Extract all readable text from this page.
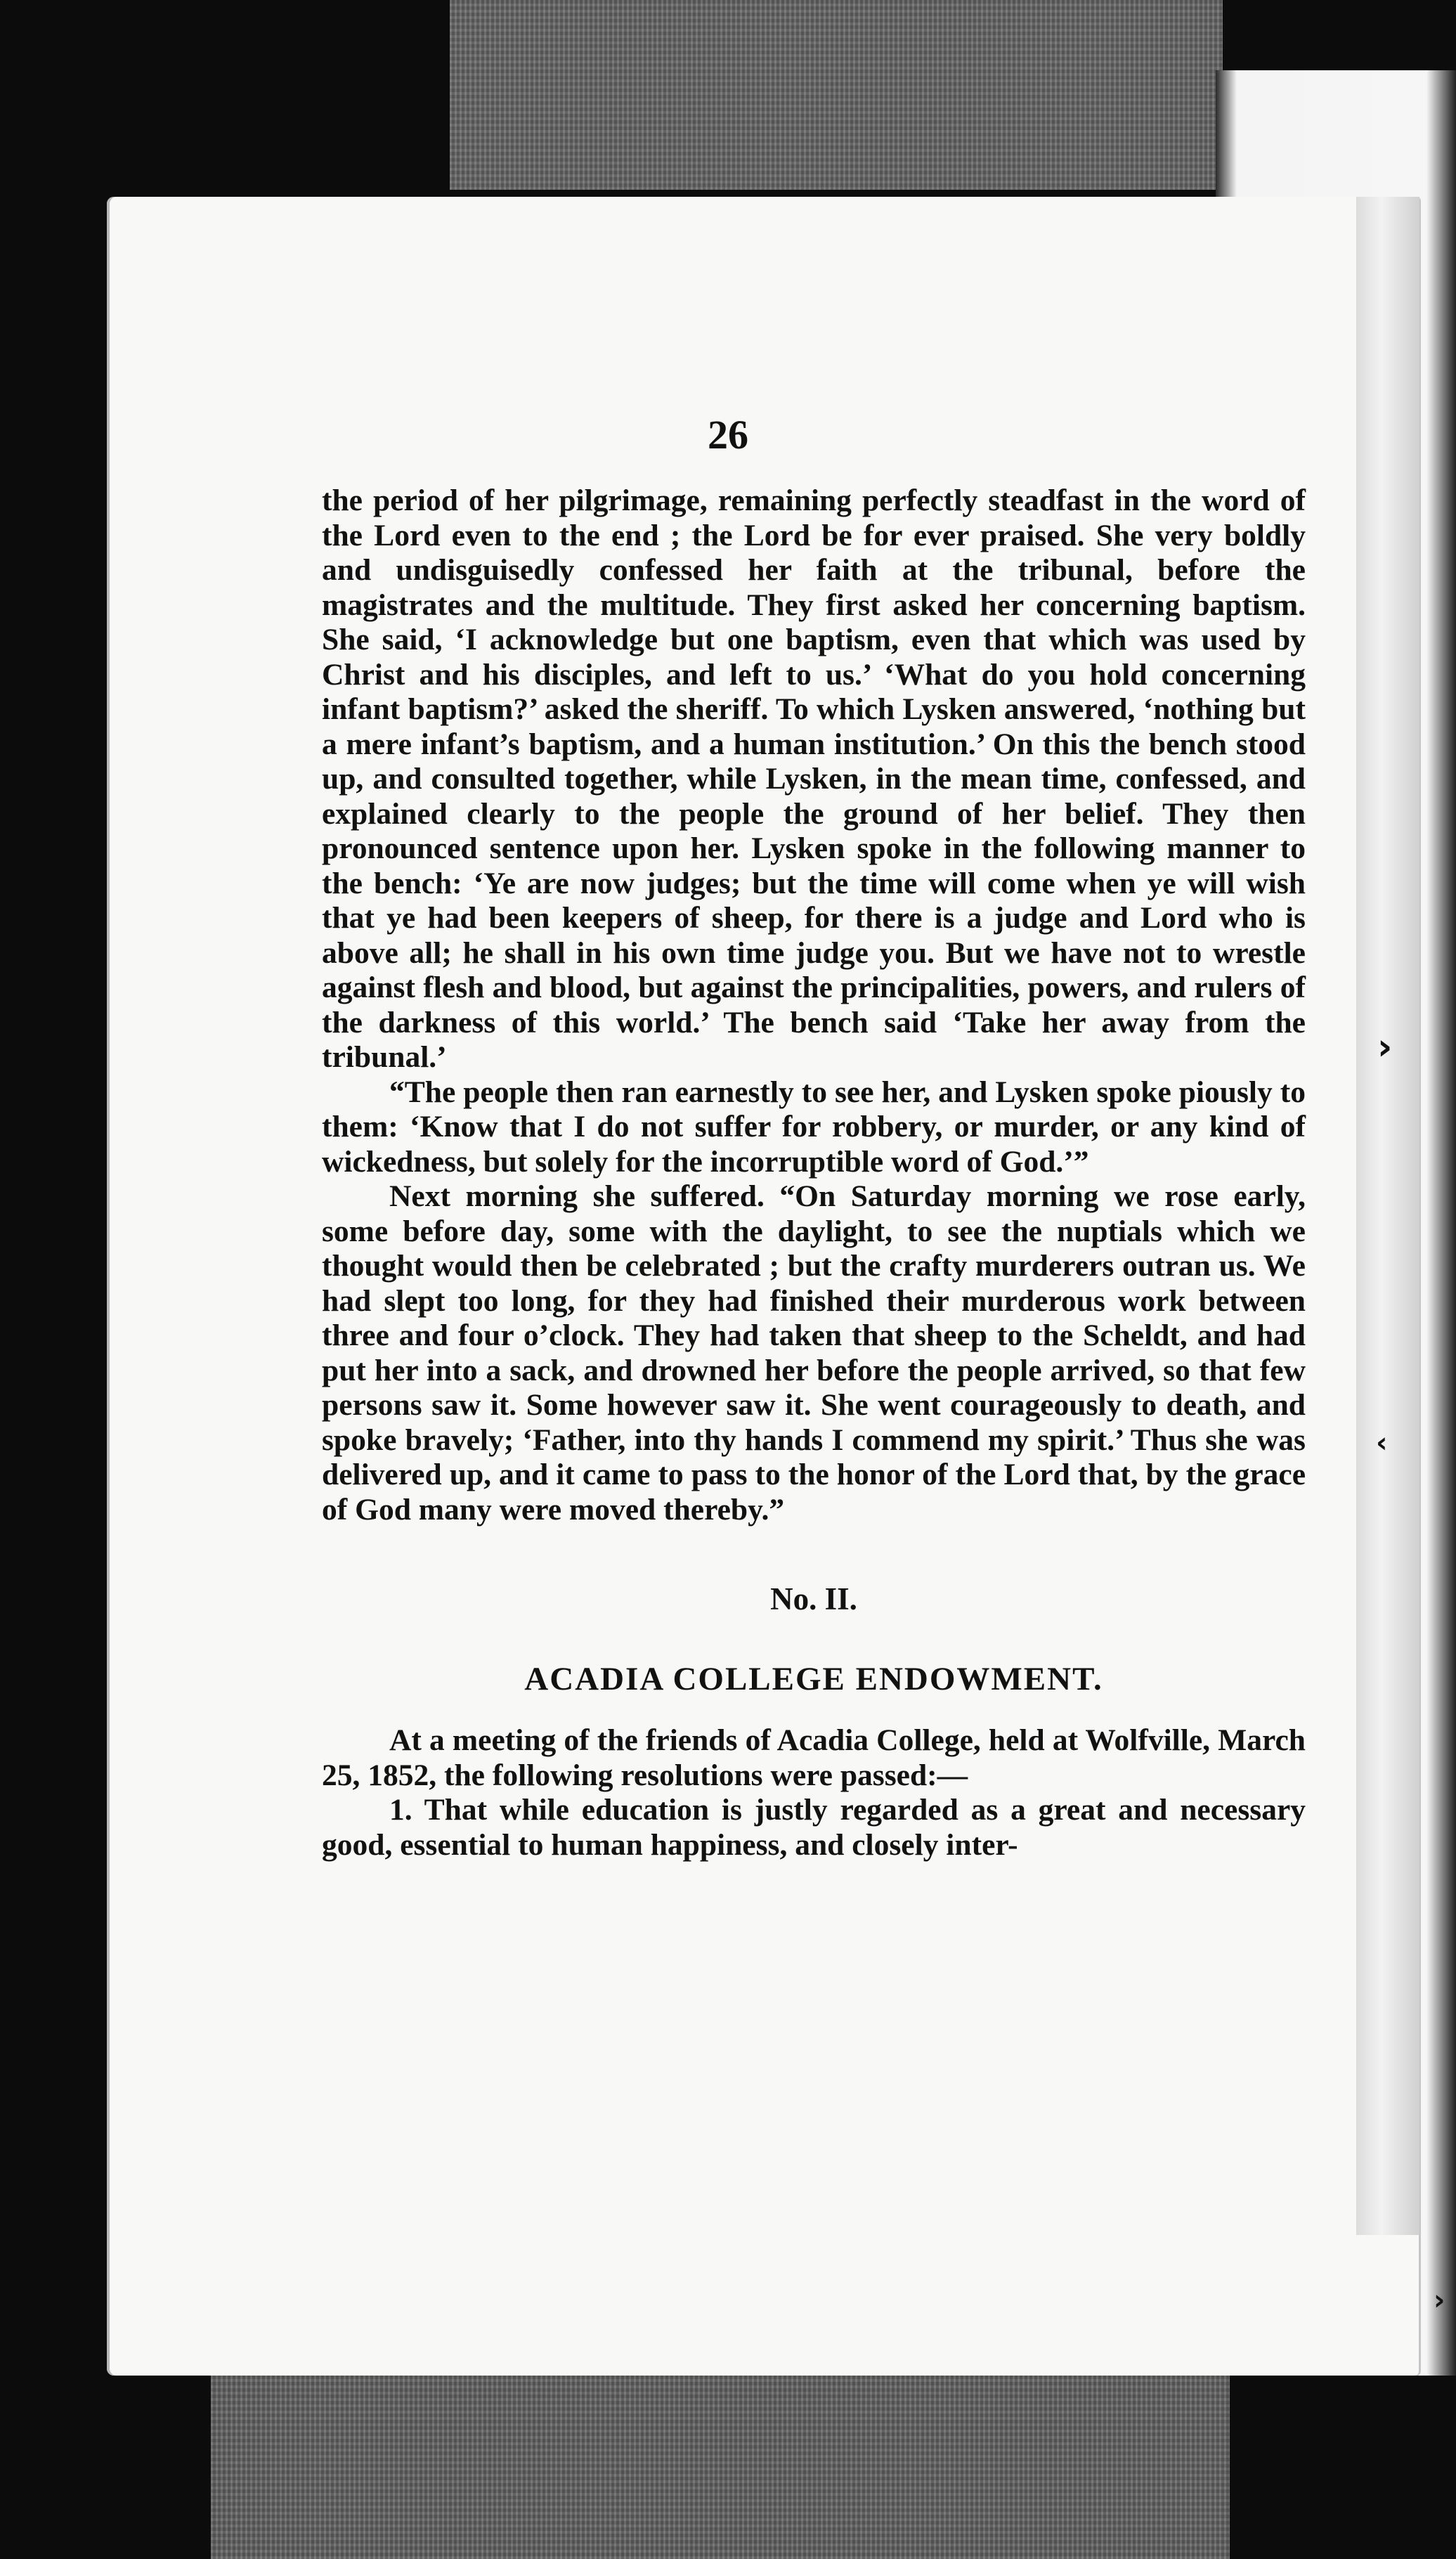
26

the period of her pilgrimage, remaining perfectly steadfast in the word of the Lord even to the end ; the Lord be for ever praised. She very boldly and undisguisedly confessed her faith at the tribunal, before the magistrates and the multitude. They first asked her concerning baptism. She said, ‘I acknowledge but one baptism, even that which was used by Christ and his disciples, and left to us.’ ‘What do you hold concerning infant baptism?’ asked the sheriff. To which Lysken answered, ‘nothing but a mere infant’s baptism, and a human institution.’ On this the bench stood up, and consulted together, while Lysken, in the mean time, confessed, and explained clearly to the people the ground of her belief. They then pronounced sentence upon her. Lysken spoke in the following manner to the bench: ‘Ye are now judges; but the time will come when ye will wish that ye had been keepers of sheep, for there is a judge and Lord who is above all; he shall in his own time judge you. But we have not to wrestle against flesh and blood, but against the principalities, powers, and rulers of the darkness of this world.’ The bench said ‘Take her away from the tribunal.’

“The people then ran earnestly to see her, and Lysken spoke piously to them: ‘Know that I do not suffer for robbery, or murder, or any kind of wickedness, but solely for the incorruptible word of God.’”

Next morning she suffered. “On Saturday morning we rose early, some before day, some with the daylight, to see the nuptials which we thought would then be celebrated ; but the crafty murderers outran us. We had slept too long, for they had finished their murderous work between three and four o’clock. They had taken that sheep to the Scheldt, and had put her into a sack, and drowned her before the people arrived, so that few persons saw it. Some however saw it. She went courageously to death, and spoke bravely; ‘Father, into thy hands I commend my spirit.’ Thus she was delivered up, and it came to pass to the honor of the Lord that, by the grace of God many were moved thereby.”

No. II.

ACADIA COLLEGE ENDOWMENT.

At a meeting of the friends of Acadia College, held at Wolfville, March 25, 1852, the following resolutions were passed:—

1. That while education is justly regarded as a great and necessary good, essential to human happiness, and closely inter-

›
‹
›
